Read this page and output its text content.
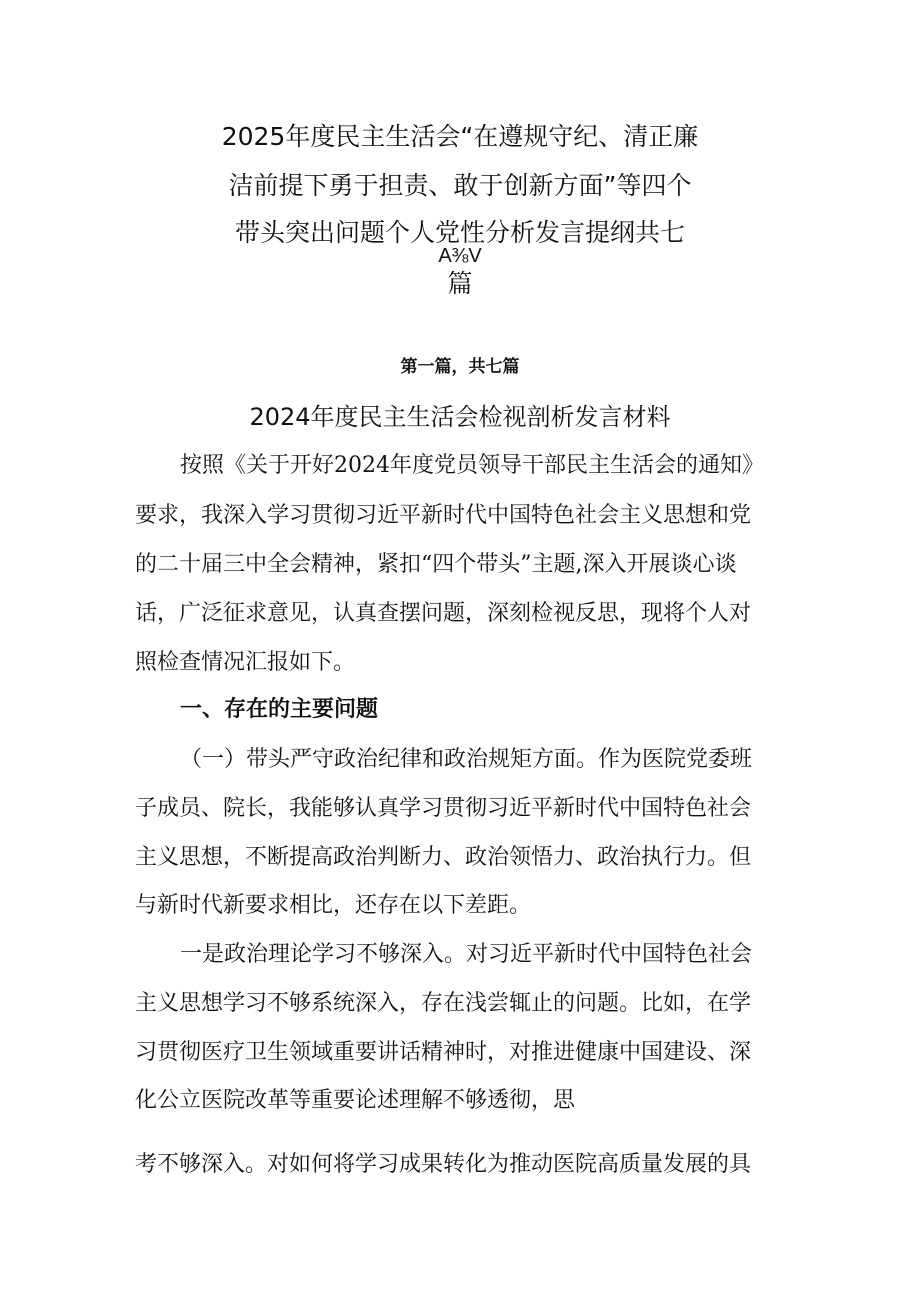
2025年度民主生活会“在遵规守纪、清正廉
洁前提下勇于担责、敢于创新方面”等四个
带头突出问题个人党性分析发言提纲共七
A⅜V
篇
第一篇，共七篇
2024年度民主生活会检视剖析发言材料
按照《关于开好2024年度党员领导干部民主生活会的通知》
要求，我深入学习贯彻习近平新时代中国特色社会主义思想和党
的二十届三中全会精神，紧扣“四个带头”主题,深入开展谈心谈
话，广泛征求意见，认真查摆问题，深刻检视反思，现将个人对
照检查情况汇报如下。
一、存在的主要问题
（一）带头严守政治纪律和政治规矩方面。作为医院党委班
子成员、院长，我能够认真学习贯彻习近平新时代中国特色社会
主义思想，不断提高政治判断力、政治领悟力、政治执行力。但
与新时代新要求相比，还存在以下差距。
一是政治理论学习不够深入。对习近平新时代中国特色社会
主义思想学习不够系统深入，存在浅尝辄止的问题。比如，在学
习贯彻医疗卫生领域重要讲话精神时，对推进健康中国建设、深
化公立医院改革等重要论述理解不够透彻，思
考不够深入。对如何将学习成果转化为推动医院高质量发展的具
